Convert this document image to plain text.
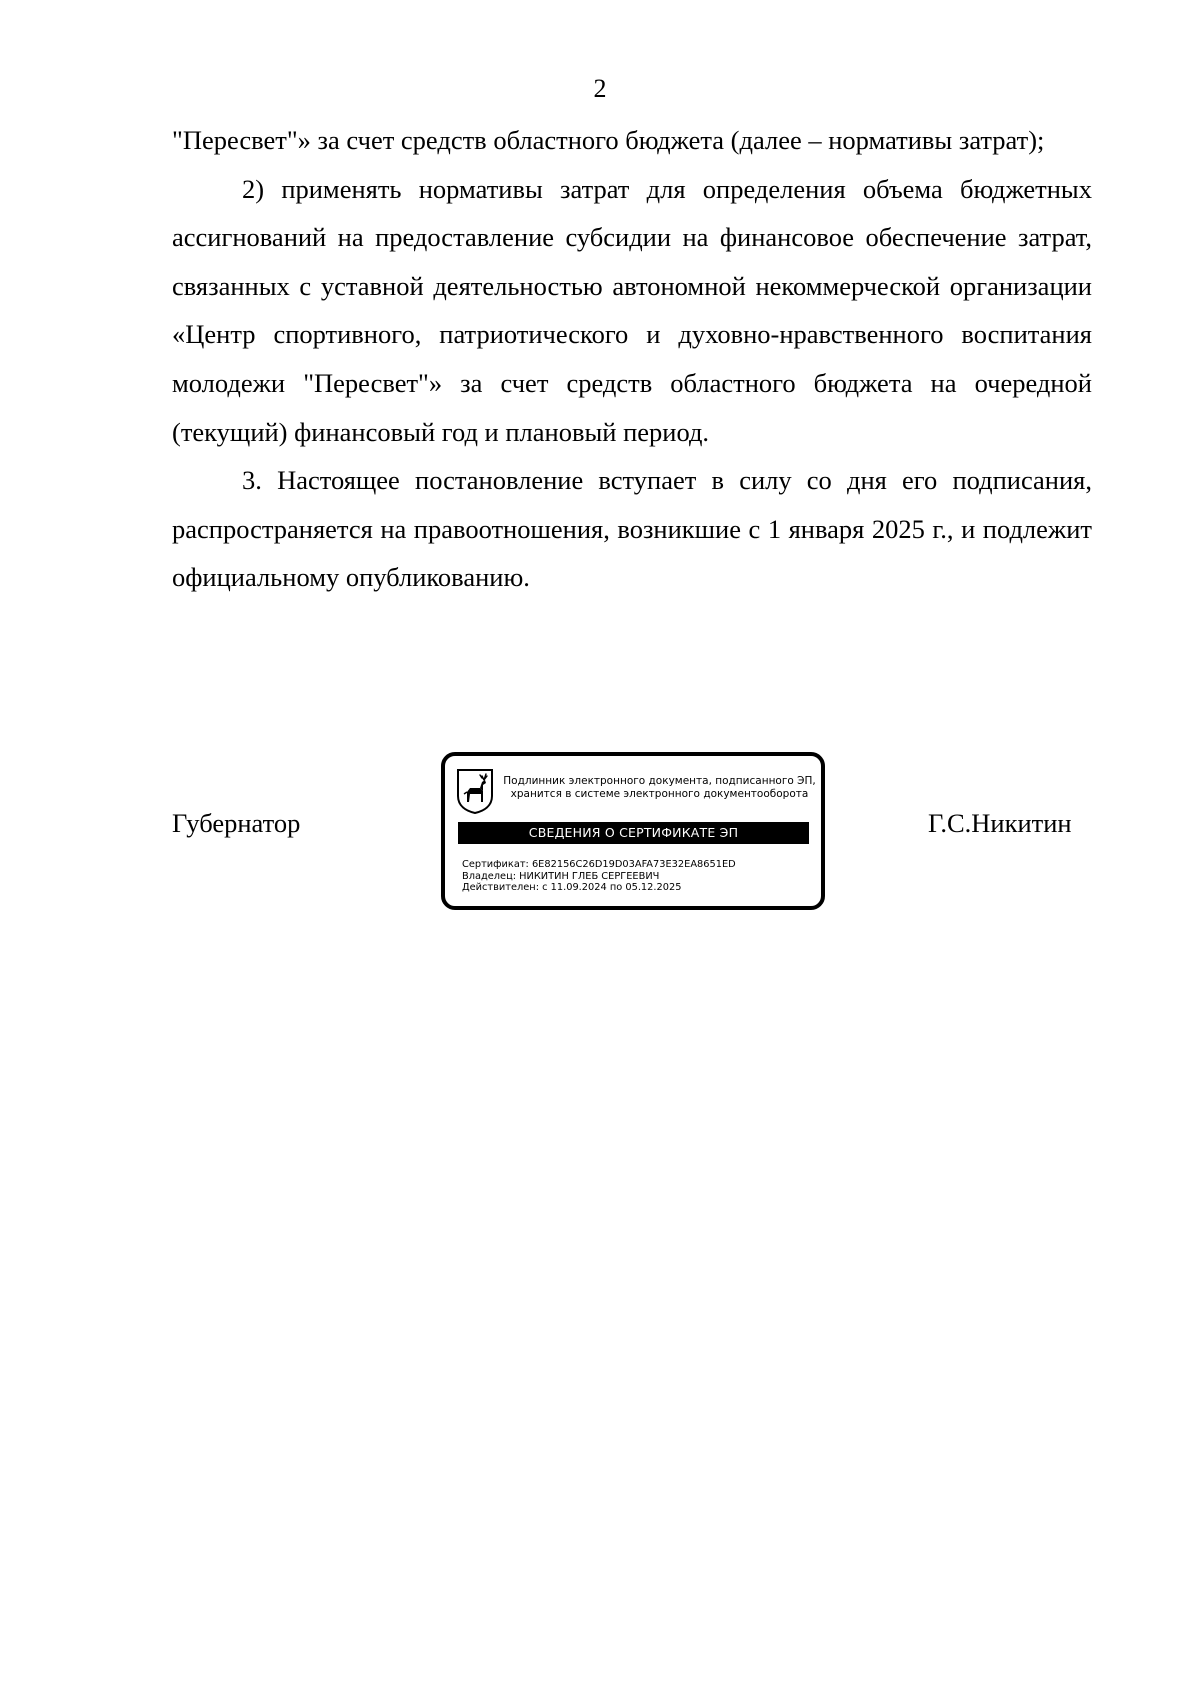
2

"Пересвет"» за счет средств областного бюджета (далее – нормативы затрат);

2) применять нормативы затрат для определения объема бюджетных ассигнований на предоставление субсидии на финансовое обеспечение затрат, связанных с уставной деятельностью автономной некоммерческой организации «Центр спортивного, патриотического и духовно-нравственного воспитания молодежи "Пересвет"» за счет средств областного бюджета на очередной (текущий) финансовый год и плановый период.

3. Настоящее постановление вступает в силу со дня его подписания, распространяется на правоотношения, возникшие с 1 января 2025 г., и подлежит официальному опубликованию.

Губернатор
Подлинник электронного документа, подписанного ЭП,
хранится в системе электронного документооборота
СВЕДЕНИЯ О СЕРТИФИКАТЕ ЭП
Сертификат: 6E82156C26D19D03AFA73E32EA8651ED
Владелец: НИКИТИН ГЛЕБ СЕРГЕЕВИЧ
Действителен: с 11.09.2024 по 05.12.2025
Г.С.Никитин
